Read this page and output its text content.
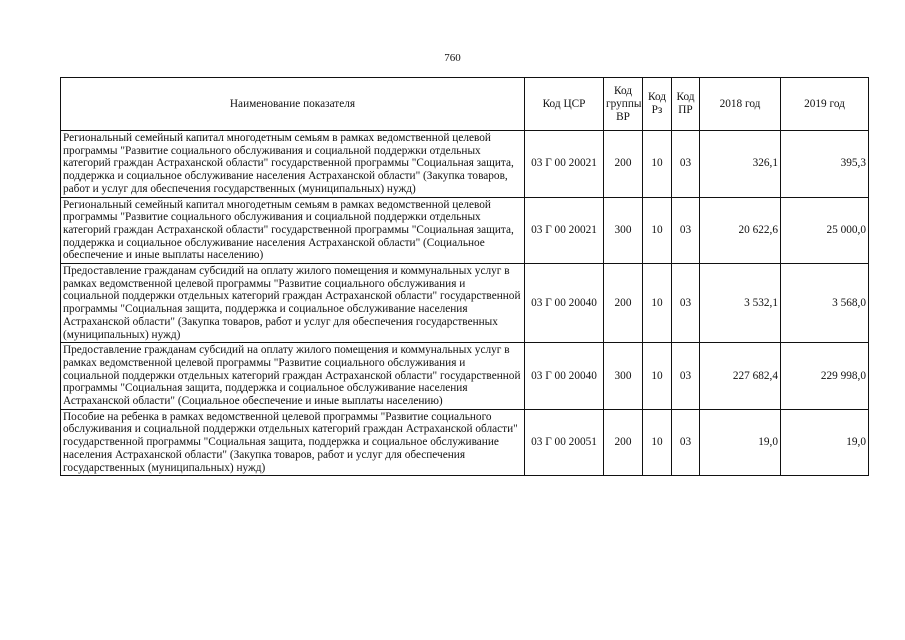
760
Наименование показателя	Код ЦСР	Код группы ВР	Код Рз	Код ПР	2018 год	2019 год
Региональный семейный капитал многодетным семьям в рамках ведомственной целевой программы "Развитие социального обслуживания и социальной поддержки отдельных категорий граждан Астраханской области" государственной программы "Социальная защита, поддержка и социальное обслуживание населения Астраханской области" (Закупка товаров, работ и услуг для обеспечения государственных (муниципальных) нужд)	03 Г 00 20021	200	10	03	326,1	395,3
Региональный семейный капитал многодетным семьям в рамках ведомственной целевой программы "Развитие социального обслуживания и социальной поддержки отдельных категорий граждан Астраханской области" государственной программы "Социальная защита, поддержка и социальное обслуживание населения Астраханской области" (Социальное обеспечение и иные выплаты населению)	03 Г 00 20021	300	10	03	20 622,6	25 000,0
Предоставление гражданам субсидий на оплату жилого помещения и коммунальных услуг в рамках ведомственной целевой программы "Развитие социального обслуживания и социальной поддержки отдельных категорий граждан Астраханской области" государственной программы "Социальная защита, поддержка и социальное обслуживание населения Астраханской области" (Закупка товаров, работ и услуг для обеспечения государственных (муниципальных) нужд)	03 Г 00 20040	200	10	03	3 532,1	3 568,0
Предоставление гражданам субсидий на оплату жилого помещения и коммунальных услуг в рамках ведомственной целевой программы "Развитие социального обслуживания и социальной поддержки отдельных категорий граждан Астраханской области" государственной программы "Социальная защита, поддержка и социальное обслуживание населения Астраханской области" (Социальное обеспечение и иные выплаты населению)	03 Г 00 20040	300	10	03	227 682,4	229 998,0
Пособие на ребенка в рамках ведомственной целевой программы "Развитие социального обслуживания и социальной поддержки отдельных категорий граждан Астраханской области" государственной программы "Социальная защита, поддержка и социальное обслуживание населения Астраханской области" (Закупка товаров, работ и услуг для обеспечения государственных (муниципальных) нужд)	03 Г 00 20051	200	10	03	19,0	19,0
